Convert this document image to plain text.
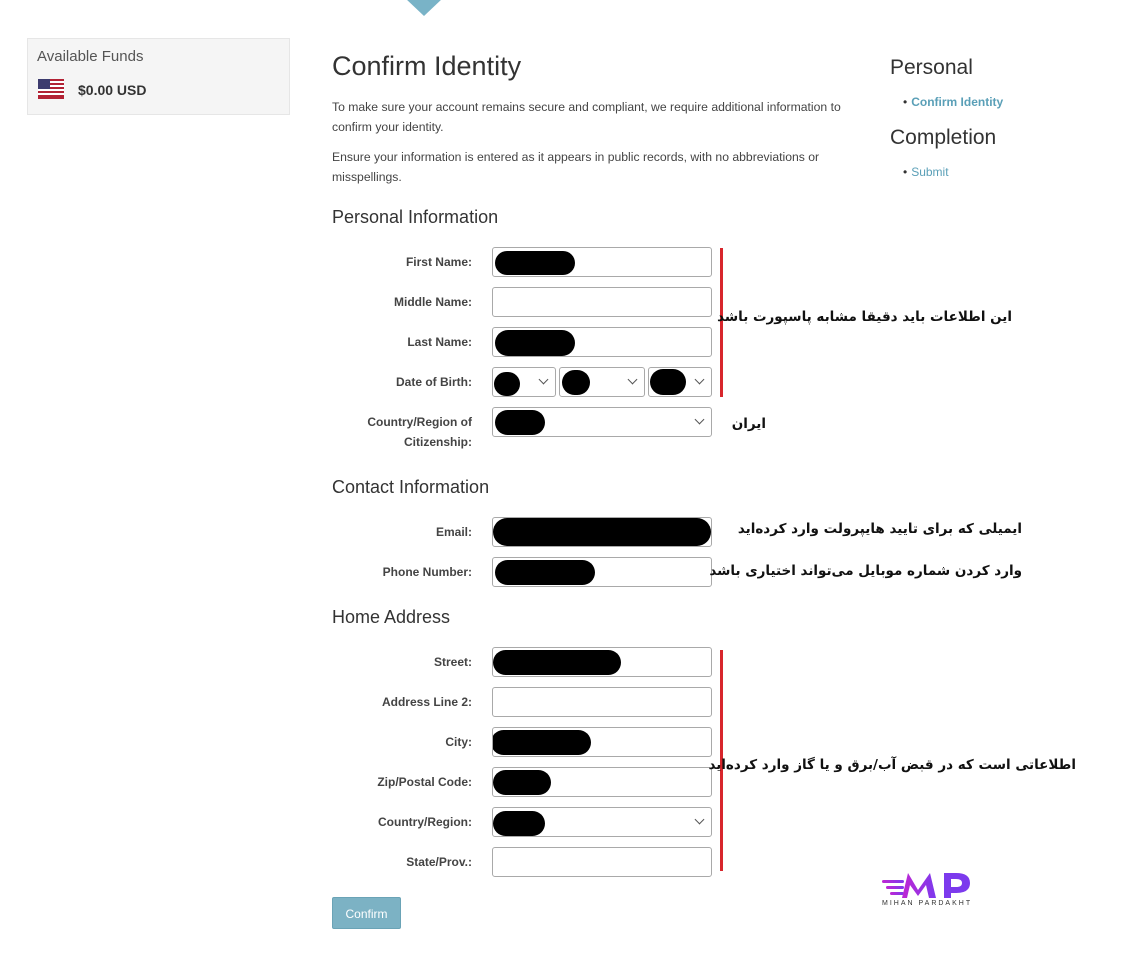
Available Funds
$0.00 USD
Confirm Identity
To make sure your account remains secure and compliant, we require additional information to confirm your identity.
Ensure your information is entered as it appears in public records, with no abbreviations or misspellings.
Personal Information
First Name:
Middle Name:
Last Name:
Date of Birth:
Country/Region of
Citizenship:
این اطلاعات باید دقیقا مشابه پاسپورت باشد
ایران
Contact Information
Email:
Phone Number:
ایمیلی که برای تایید هایپرولت وارد کرده‌اید
وارد کردن شماره موبایل می‌تواند اختیاری باشد
Home Address
Street:
Address Line 2:
City:
Zip/Postal Code:
Country/Region:
State/Prov.:
اطلاعاتی است که در قبض آب/برق و یا گاز وارد کرده‌اید
Confirm
Personal
• Confirm Identity
Completion
• Submit
MIHAN PARDAKHT
